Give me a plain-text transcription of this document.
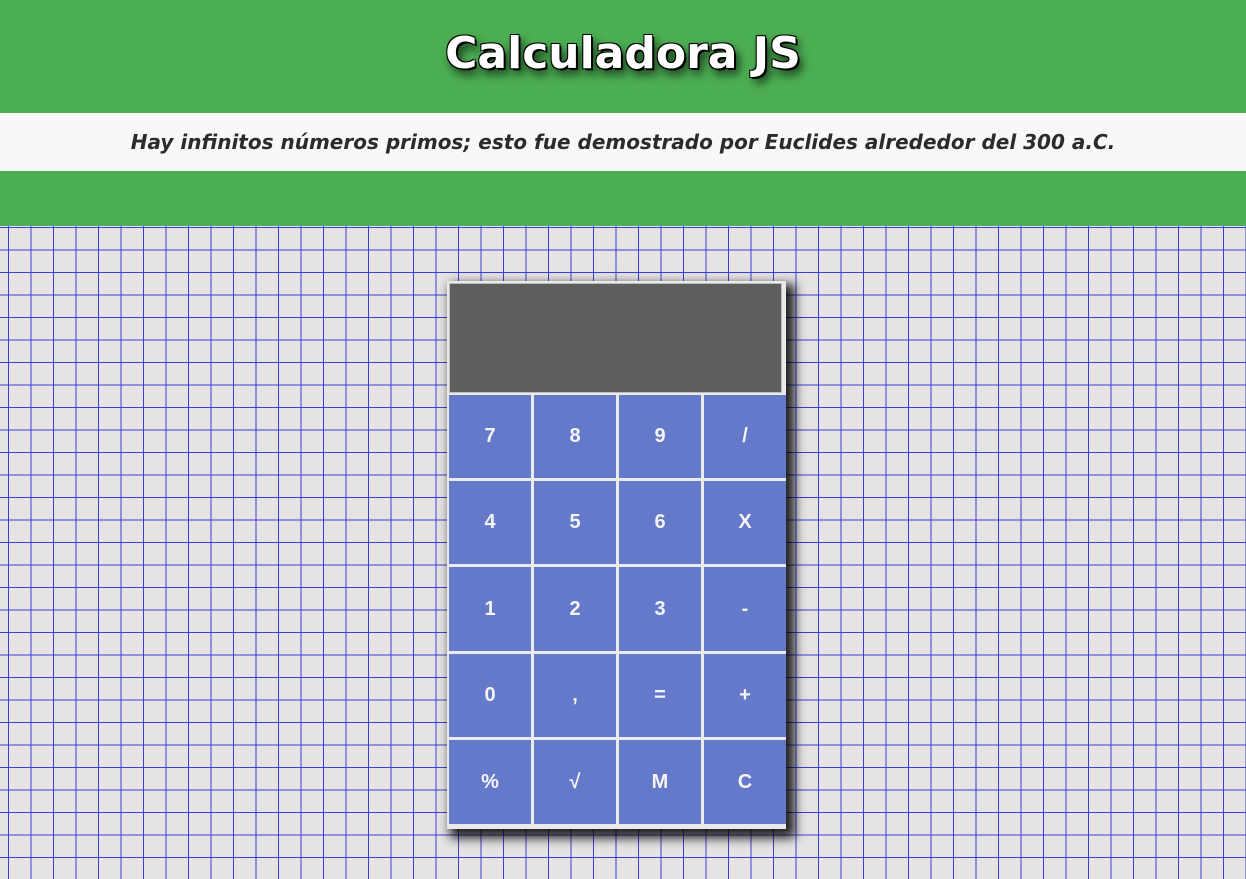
Calculadora JS
Hay infinitos números primos; esto fue demostrado por Euclides alrededor del 300 a.C.
7	8	9	/
4	5	6	X
1	2	3	-
0	,	=	+
%	√	M	C
